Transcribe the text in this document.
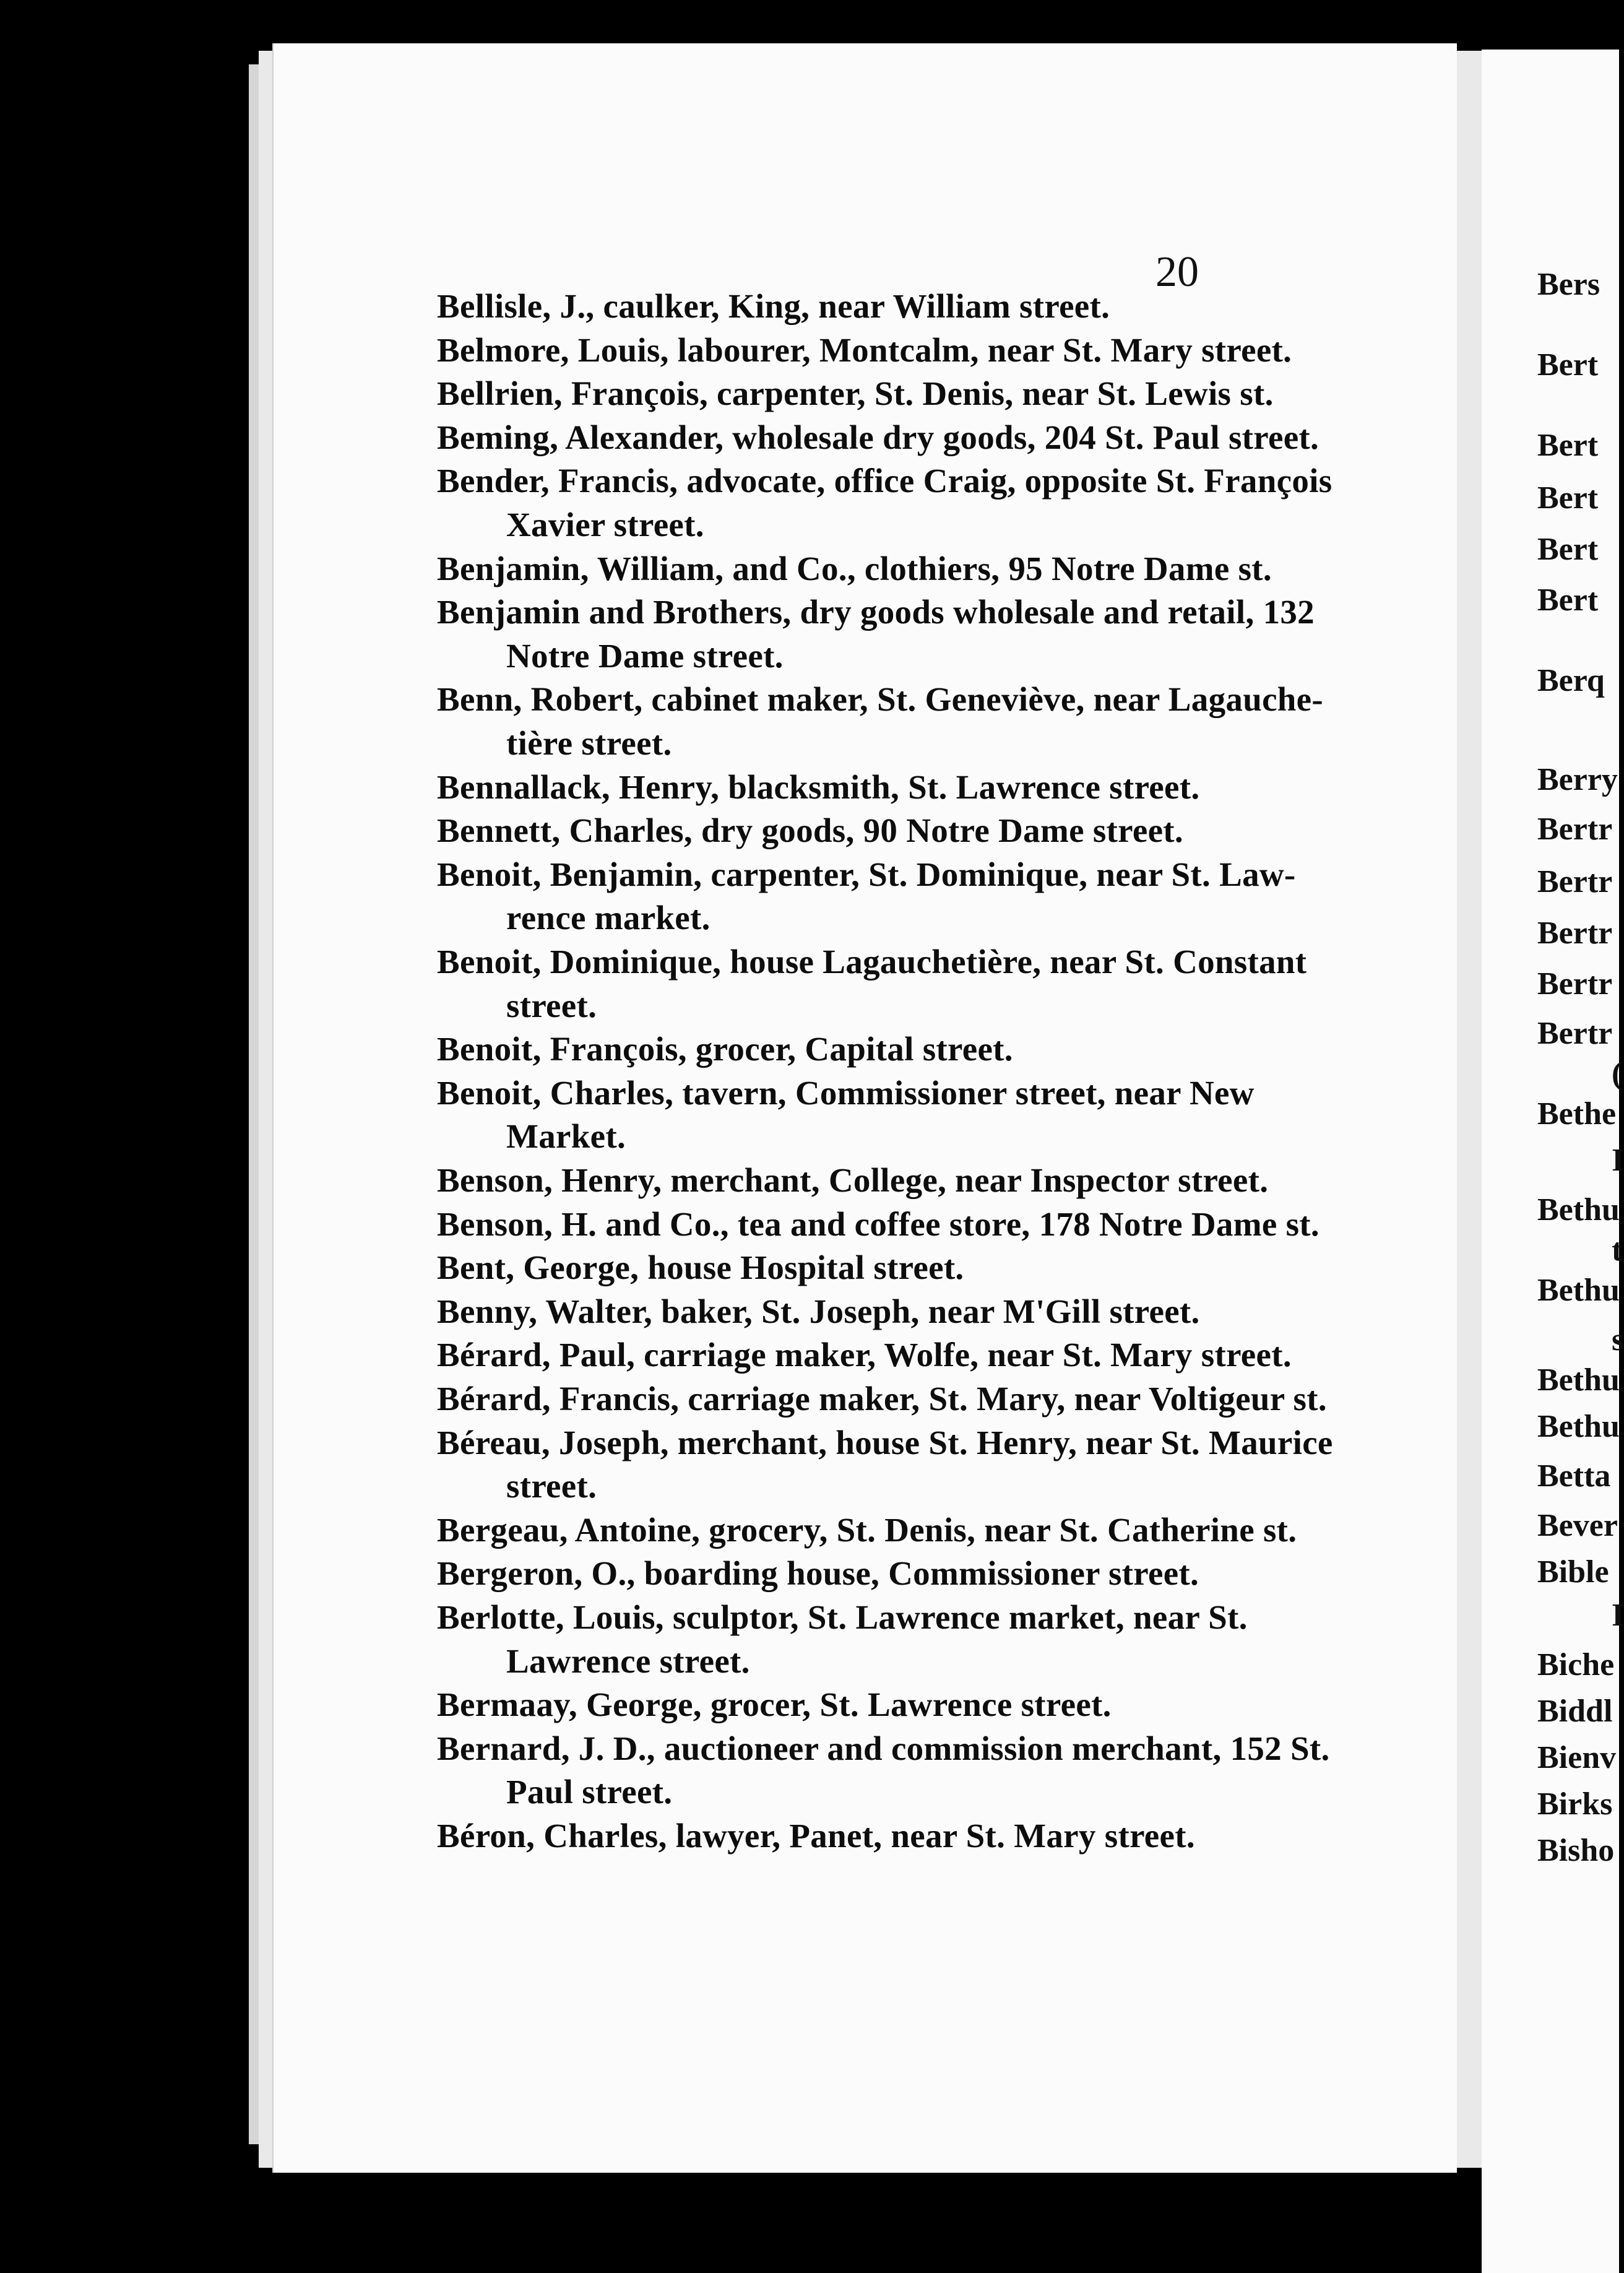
20
Bellisle, J., caulker, King, near William street.
Belmore, Louis, labourer, Montcalm, near St. Mary street.
Bellrien, François, carpenter, St. Denis, near St. Lewis st.
Beming, Alexander, wholesale dry goods, 204 St. Paul street.
Bender, Francis, advocate, office Craig, opposite St. François
Xavier street.
Benjamin, William, and Co., clothiers, 95 Notre Dame st.
Benjamin and Brothers, dry goods wholesale and retail, 132
Notre Dame street.
Benn, Robert, cabinet maker, St. Geneviève, near Lagauche-
tière street.
Bennallack, Henry, blacksmith, St. Lawrence street.
Bennett, Charles, dry goods, 90 Notre Dame street.
Benoit, Benjamin, carpenter, St. Dominique, near St. Law-
rence market.
Benoit, Dominique, house Lagauchetière, near St. Constant
street.
Benoit, François, grocer, Capital street.
Benoit, Charles, tavern, Commissioner street, near New
Market.
Benson, Henry, merchant, College, near Inspector street.
Benson, H. and Co., tea and coffee store, 178 Notre Dame st.
Bent, George, house Hospital street.
Benny, Walter, baker, St. Joseph, near M'Gill street.
Bérard, Paul, carriage maker, Wolfe, near St. Mary street.
Bérard, Francis, carriage maker, St. Mary, near Voltigeur st.
Béreau, Joseph, merchant, house St. Henry, near St. Maurice
street.
Bergeau, Antoine, grocery, St. Denis, near St. Catherine st.
Bergeron, O., boarding house, Commissioner street.
Berlotte, Louis, sculptor, St. Lawrence market, near St.
Lawrence street.
Bermaay, George, grocer, St. Lawrence street.
Bernard, J. D., auctioneer and commission merchant, 152 St.
Paul street.
Béron, Charles, lawyer, Panet, near St. Mary street.
Bers
Bert
Bert
Bert
Bert
Bert
Berq
Berry
Bertr
Bertr
Bertr
Bertr
Bertr
(
Bethe
I
Bethu
t
Bethu
s
Bethu
Bethu
Betta
Bever
Bible
I
Biche
Biddl
Bienv
Birks
Bisho
